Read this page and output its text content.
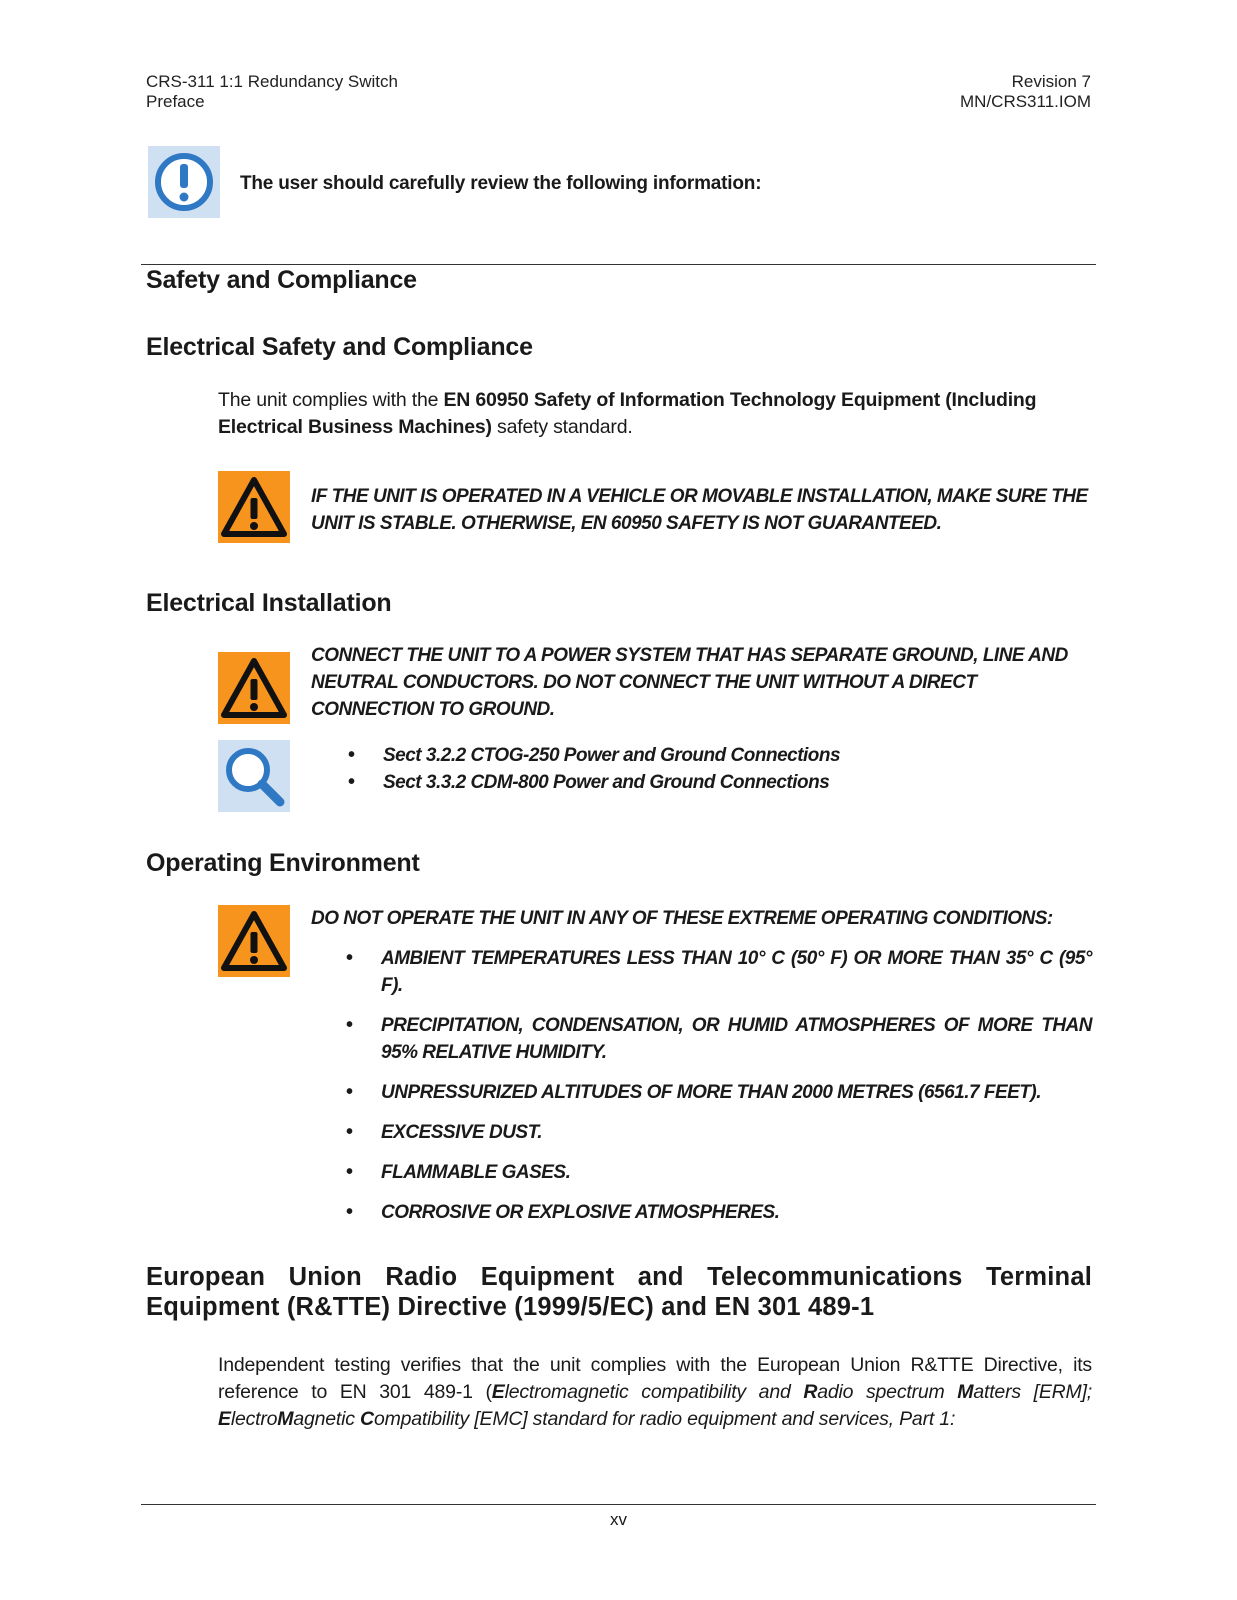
CRS-311 1:1 Redundancy Switch
Preface
Revision 7
MN/CRS311.IOM
The user should carefully review the following information:
Safety and Compliance
Electrical Safety and Compliance
The unit complies with the EN 60950 Safety of Information Technology Equipment (Including Electrical Business Machines) safety standard.
IF THE UNIT IS OPERATED IN A VEHICLE OR MOVABLE INSTALLATION, MAKE SURE THE UNIT IS STABLE. OTHERWISE, EN 60950 SAFETY IS NOT GUARANTEED.
Electrical Installation
CONNECT THE UNIT TO A POWER SYSTEM THAT HAS SEPARATE GROUND, LINE AND NEUTRAL CONDUCTORS. DO NOT CONNECT THE UNIT WITHOUT A DIRECT CONNECTION TO GROUND.
• Sect 3.2.2 CTOG-250 Power and Ground Connections
• Sect 3.3.2 CDM-800 Power and Ground Connections
Operating Environment
DO NOT OPERATE THE UNIT IN ANY OF THESE EXTREME OPERATING CONDITIONS:
• AMBIENT TEMPERATURES LESS THAN 10° C (50° F) OR MORE THAN 35° C (95° F).
• PRECIPITATION, CONDENSATION, OR HUMID ATMOSPHERES OF MORE THAN 95% RELATIVE HUMIDITY.
• UNPRESSURIZED ALTITUDES OF MORE THAN 2000 METRES (6561.7 FEET).
• EXCESSIVE DUST.
• FLAMMABLE GASES.
• CORROSIVE OR EXPLOSIVE ATMOSPHERES.
European Union Radio Equipment and Telecommunications Terminal Equipment (R&TTE) Directive (1999/5/EC) and EN 301 489-1
Independent testing verifies that the unit complies with the European Union R&TTE Directive, its reference to EN 301 489-1 (Electromagnetic compatibility and Radio spectrum Matters [ERM]; ElectroMagnetic Compatibility [EMC] standard for radio equipment and services, Part 1:
xv
